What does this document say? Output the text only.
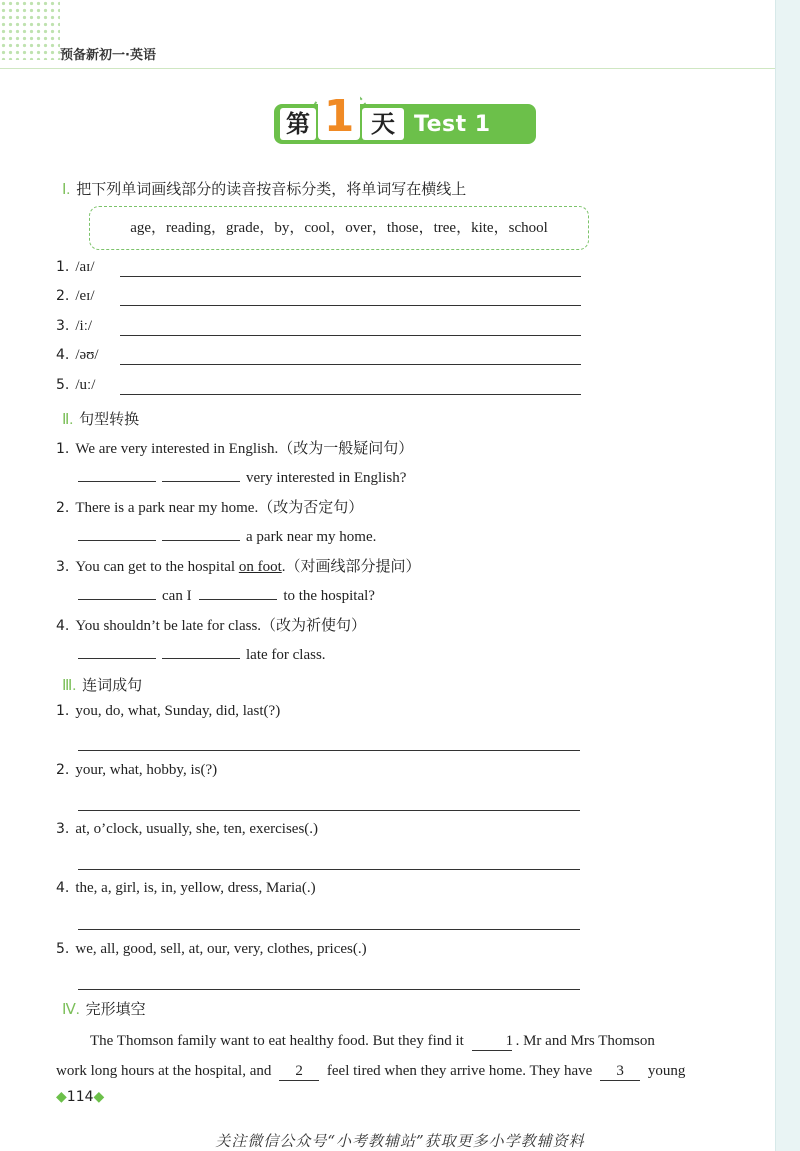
预备新初一·英语
第 1 天 Test 1
Ⅰ. 把下列单词画线部分的读音按音标分类，将单词写在横线上
age，reading，grade，by，cool，over，those，tree，kite，school
1. /aɪ/
2. /eɪ/
3. /iː/
4. /əʊ/
5. /uː/
Ⅱ. 句型转换
1. We are very interested in English.（改为一般疑问句）
very interested in English?
2. There is a park near my home.（改为否定句）
a park near my home.
3. You can get to the hospital on foot.（对画线部分提问）
can I	to the hospital?
4. You shouldn’t be late for class.（改为祈使句）
late for class.
Ⅲ. 连词成句
1. you, do, what, Sunday, did, last(?)
2. your, what, hobby, is(?)
3. at, o’clock, usually, she, ten, exercises(.)
4. the, a, girl, is, in, yellow, dress, Maria(.)
5. we, all, good, sell, at, our, very, clothes, prices(.)
Ⅳ. 完形填空
The Thomson family want to eat healthy food. But they find it	1 . Mr and Mrs Thomson
work long hours at the hospital, and 2 feel tired when they arrive home. They have 3 young
◆114◆
关注微信公众号“小考教辅站”获取更多小学教辅资料
